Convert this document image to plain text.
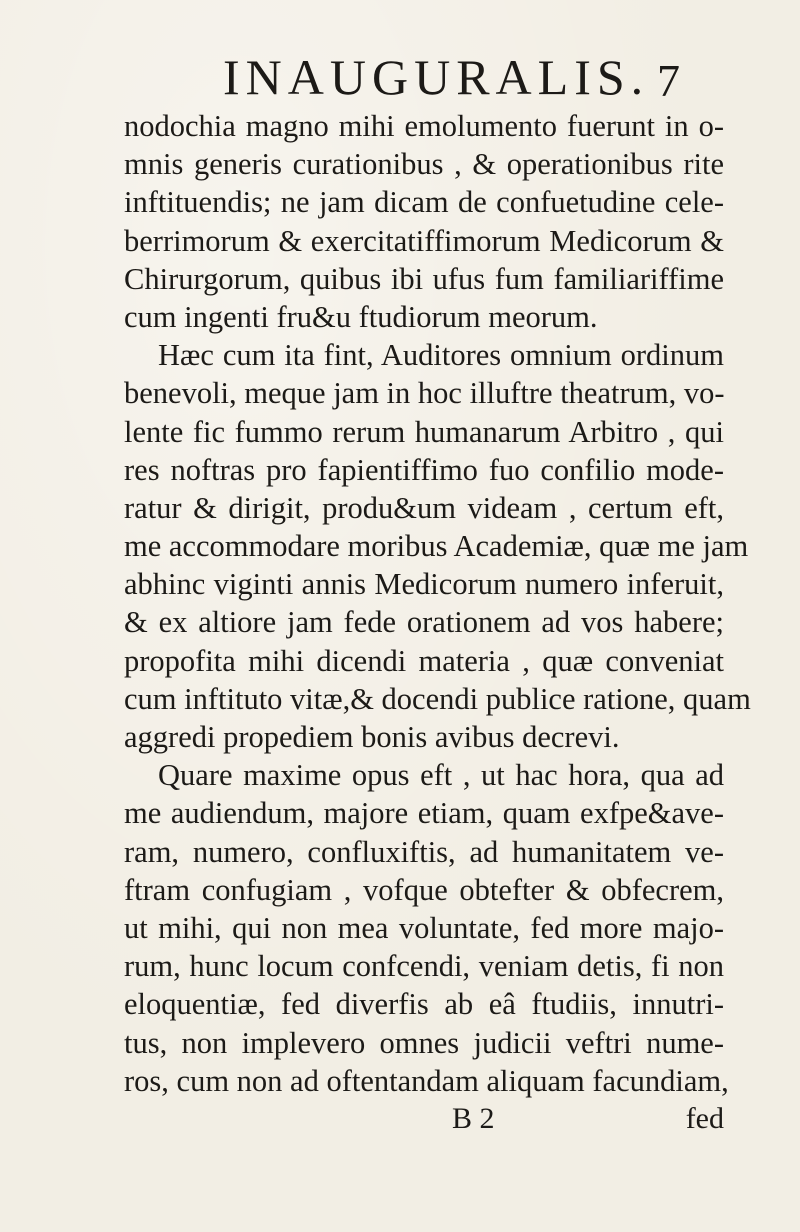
INAUGURALIS. 7
nodochia magno mihi emolumento fuerunt in o-
mnis generis curationibus , & operationibus rite
inftituendis; ne jam dicam de confuetudine cele-
berrimorum & exercitatiffimorum Medicorum &
Chirurgorum, quibus ibi ufus fum familiariffime
cum ingenti fru&u ftudiorum meorum.
Hæc cum ita fint, Auditores omnium ordinum
benevoli, meque jam in hoc illuftre theatrum, vo-
lente fic fummo rerum humanarum Arbitro , qui
res noftras pro fapientiffimo fuo confilio mode-
ratur & dirigit, produ&um videam , certum eft,
me accommodare moribus Academiæ, quæ me jam
abhinc viginti annis Medicorum numero inferuit,
& ex altiore jam fede orationem ad vos habere;
propofita mihi dicendi materia , quæ conveniat
cum inftituto vitæ,& docendi publice ratione, quam
aggredi propediem bonis avibus decrevi.
Quare maxime opus eft , ut hac hora, qua ad
me audiendum, majore etiam, quam exfpe&ave-
ram, numero, confluxiftis, ad humanitatem ve-
ftram confugiam , vofque obtefter & obfecrem,
ut mihi, qui non mea voluntate, fed more majo-
rum, hunc locum confcendi, veniam detis, fi non
eloquentiæ, fed diverfis ab eâ ftudiis, innutri-
tus, non implevero omnes judicii veftri nume-
ros, cum non ad oftentandam aliquam facundiam,
B 2	fed
